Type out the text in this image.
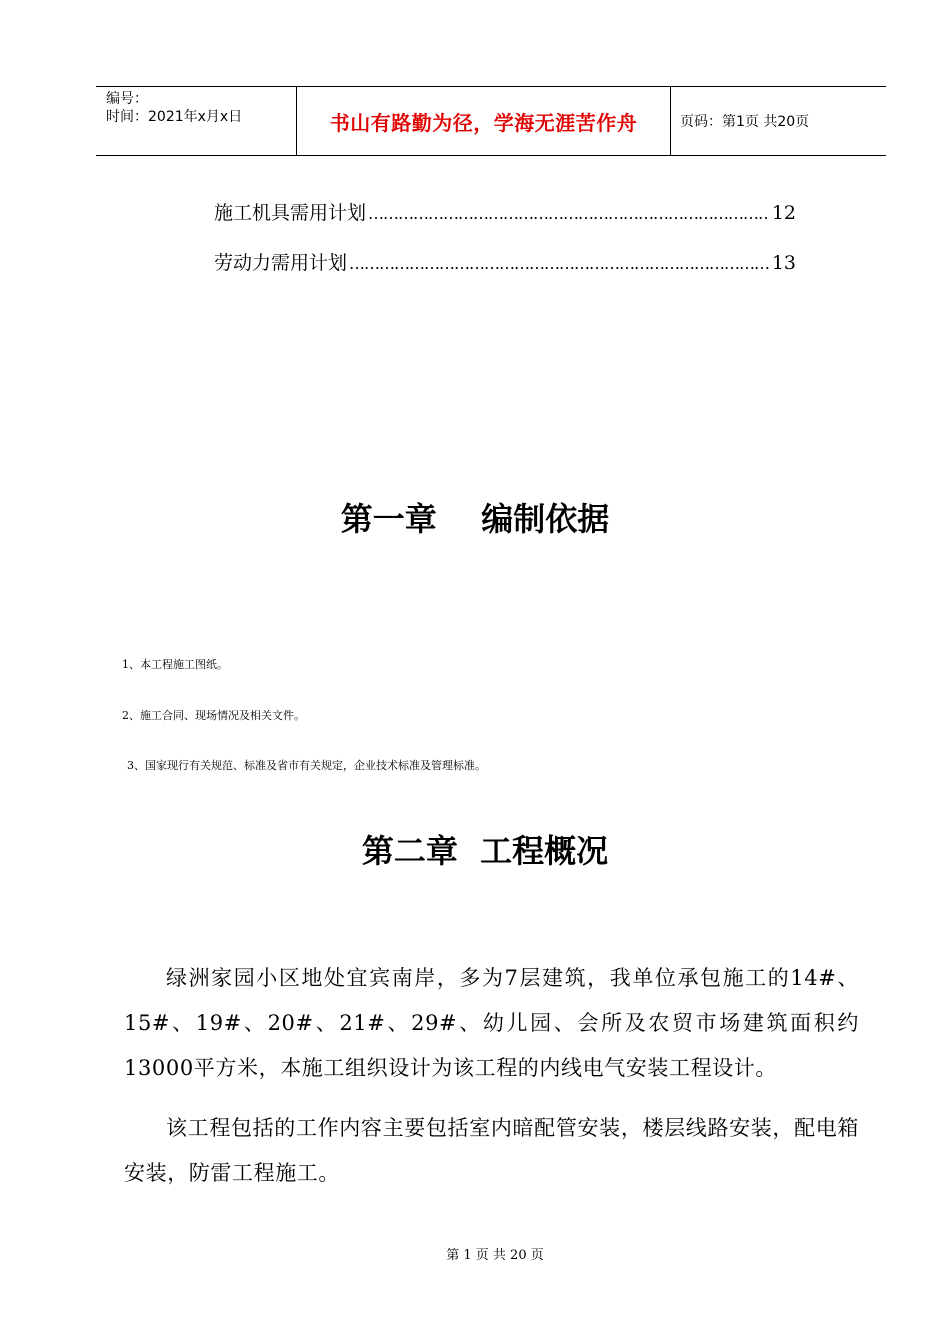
编号：
时间：2021年x月x日	书山有路勤为径，学海无涯苦作舟	页码：第1页 共20页
施工机具需用计划 ……………………………………………………………………………………………………	12
劳动力需用计划 ……………………………………………………………………………………………………	13
第一章    编制依据
1、本工程施工图纸。
2、施工合同、现场情况及相关文件。
3、国家现行有关规范、标准及省市有关规定，企业技术标准及管理标准。
第二章  工程概况
绿洲家园小区地处宜宾南岸，多为7层建筑，我单位承包施工的14#、15#、19#、20#、21#、29#、幼儿园、会所及农贸市场建筑面积约13000平方米，本施工组织设计为该工程的内线电气安装工程设计。
该工程包括的工作内容主要包括室内暗配管安装，楼层线路安装，配电箱安装，防雷工程施工。
第 1 页 共 20 页
